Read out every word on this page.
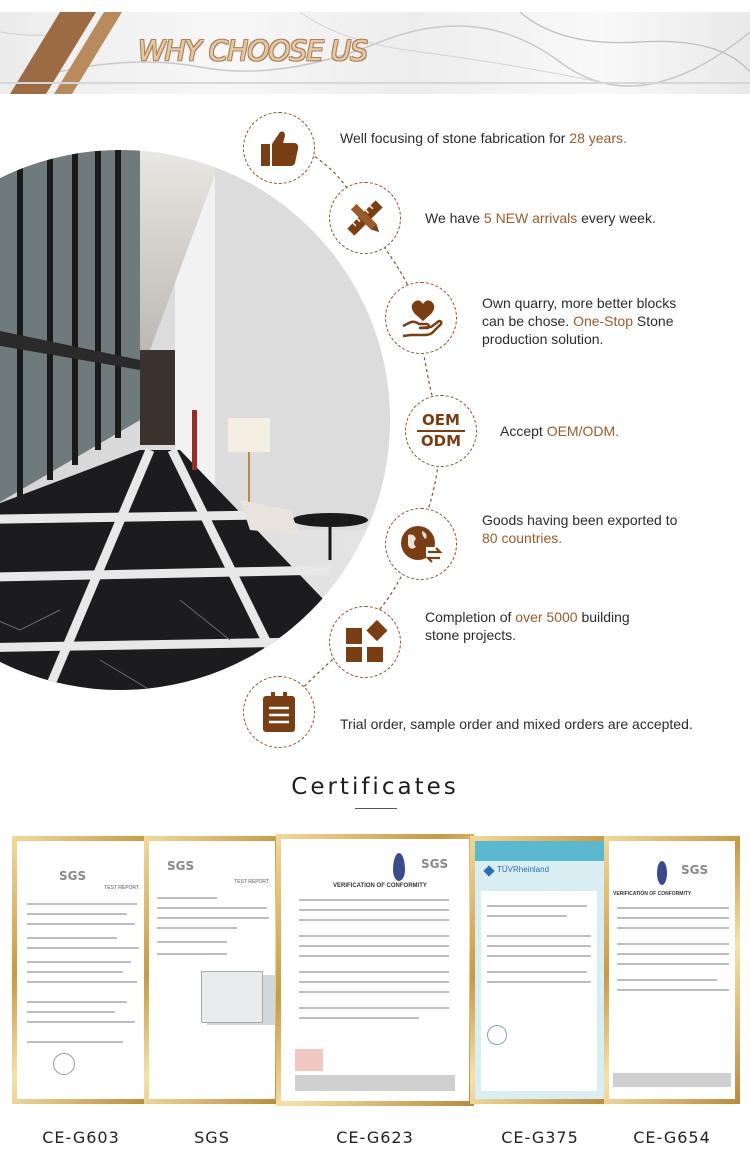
WHY CHOOSE US
Well focusing of stone fabrication for 28 years.
We have 5 NEW arrivals every week.
Own quarry, more better blocks can be chose. One-Stop Stone production solution.
OEM
ODM
Accept OEM/ODM.
Goods having been exported to
80 countries.
Completion of over 5000 building stone projects.
Trial order, sample order and mixed orders are accepted.
Certificates
SGS
TEST REPORT
CE-G603
SGS
TEST REPORT
SGS
SGS
VERIFICATION OF CONFORMITY
CE-G623
TÜVRheinland
CE-G375
SGS
VERIFICATION OF CONFORMITY
CE-G654
